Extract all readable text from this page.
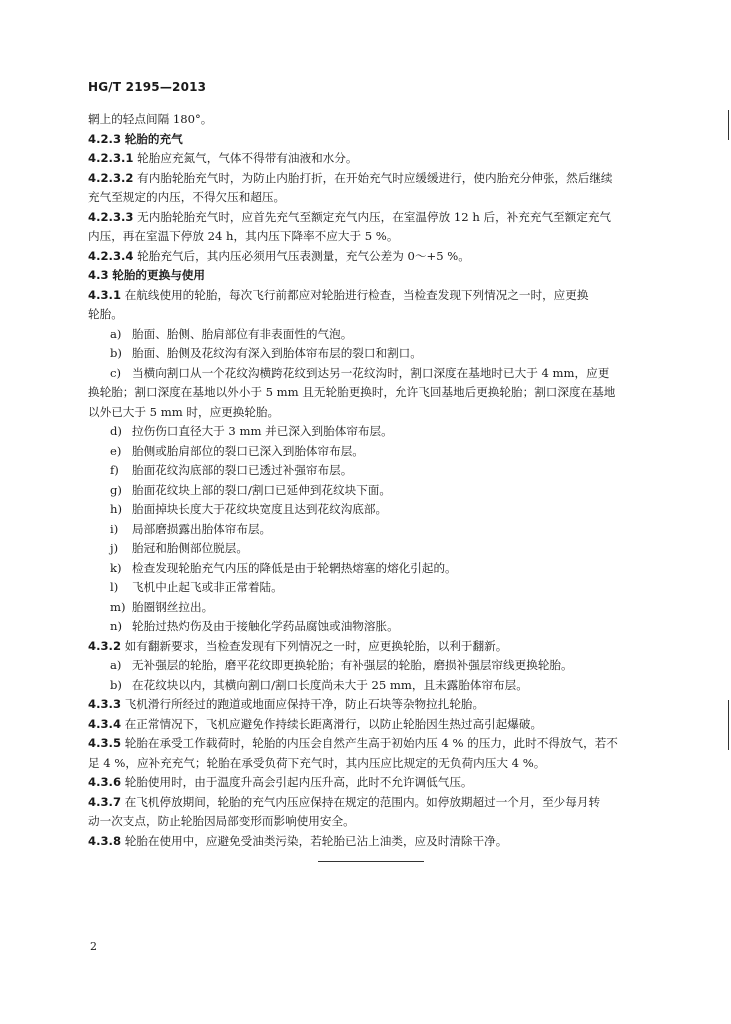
HG/T 2195—2013
辋上的轻点间隔 180°。
4.2.3 轮胎的充气
4.2.3.1 轮胎应充氮气，气体不得带有油液和水分。
4.2.3.2 有内胎轮胎充气时，为防止内胎打折，在开始充气时应缓缓进行，使内胎充分伸张，然后继续
充气至规定的内压，不得欠压和超压。
4.2.3.3 无内胎轮胎充气时，应首先充气至额定充气内压，在室温停放 12 h 后，补充充气至额定充气
内压，再在室温下停放 24 h，其内压下降率不应大于 5 %。
4.2.3.4 轮胎充气后，其内压必须用气压表测量，充气公差为 0～+5 %。
4.3 轮胎的更换与使用
4.3.1 在航线使用的轮胎，每次飞行前都应对轮胎进行检查，当检查发现下列情况之一时，应更换
轮胎。
a) 胎面、胎侧、胎肩部位有非表面性的气泡。
b) 胎面、胎侧及花纹沟有深入到胎体帘布层的裂口和割口。
c) 当横向割口从一个花纹沟横跨花纹到达另一花纹沟时，割口深度在基地时已大于 4 mm，应更
换轮胎；割口深度在基地以外小于 5 mm 且无轮胎更换时，允许飞回基地后更换轮胎；割口深度在基地
以外已大于 5 mm 时，应更换轮胎。
d) 拉伤伤口直径大于 3 mm 并已深入到胎体帘布层。
e) 胎侧或胎肩部位的裂口已深入到胎体帘布层。
f) 胎面花纹沟底部的裂口已透过补强帘布层。
g) 胎面花纹块上部的裂口/割口已延伸到花纹块下面。
h) 胎面掉块长度大于花纹块宽度且达到花纹沟底部。
i) 局部磨损露出胎体帘布层。
j) 胎冠和胎侧部位脱层。
k) 检查发现轮胎充气内压的降低是由于轮辋热熔塞的熔化引起的。
l) 飞机中止起飞或非正常着陆。
m) 胎圈钢丝拉出。
n) 轮胎过热灼伤及由于接触化学药品腐蚀或油物溶胀。
4.3.2 如有翻新要求，当检查发现有下列情况之一时，应更换轮胎，以利于翻新。
a) 无补强层的轮胎，磨平花纹即更换轮胎；有补强层的轮胎，磨损补强层帘线更换轮胎。
b) 在花纹块以内，其横向割口/割口长度尚未大于 25 mm，且未露胎体帘布层。
4.3.3 飞机滑行所经过的跑道或地面应保持干净，防止石块等杂物拉扎轮胎。
4.3.4 在正常情况下，飞机应避免作持续长距离滑行，以防止轮胎因生热过高引起爆破。
4.3.5 轮胎在承受工作载荷时，轮胎的内压会自然产生高于初始内压 4 % 的压力，此时不得放气，若不
足 4 %，应补充充气；轮胎在承受负荷下充气时，其内压应比规定的无负荷内压大 4 %。
4.3.6 轮胎使用时，由于温度升高会引起内压升高，此时不允许调低气压。
4.3.7 在飞机停放期间，轮胎的充气内压应保持在规定的范围内。如停放期超过一个月，至少每月转
动一次支点，防止轮胎因局部变形而影响使用安全。
4.3.8 轮胎在使用中，应避免受油类污染，若轮胎已沾上油类，应及时清除干净。
2
